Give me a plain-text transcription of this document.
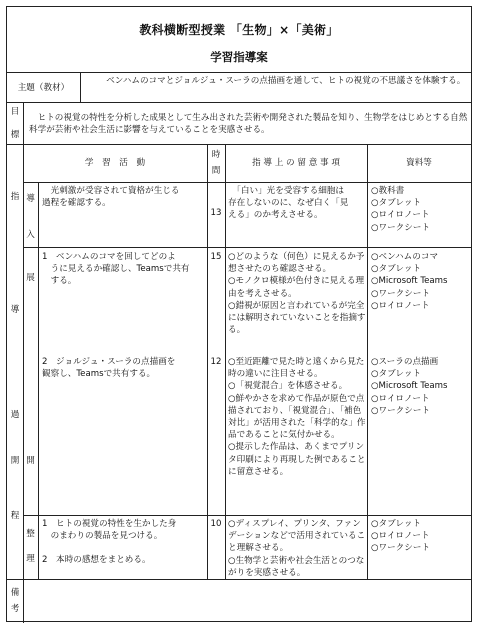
教科横断型授業 「生物」×「美術」
学習指導案
主題（教材）
ベンハムのコマとジョルジュ・スーラの点描画を通して、ヒトの視覚の不思議さを体験する。
目
標
ヒトの視覚の特性を分析した成果として生み出された芸術や開発された製品を知り、生物学をはじめとする自然科学が芸術や社会生活に影響を与えていることを実感させる。
学　習　活　動
時
間
指 導 上 の 留 意 事 項	資料等
指
導
過
開
程
導
入
展
開
整
理
　光刺激が受容されて資格が生じる
過程を確認する。
13
　「白い」光を受容する細胞は
存在しないのに、なぜ白く「見
える」のか考えさせる。
○教科書
○タブレット
○ロイロノート
○ワークシート
1　ベンハムのコマを回してどのよ
　うに見えるか確認し、Teamsで共有
　する。
15 ○どのような（何色）に見えるか予想させたのち確認させる。
○モノクロ模様が色付きに見える理由を考えさせる。
○錯視が原因と言われているが完全には解明されていないことを指摘する。
○ベンハムのコマ
○タブレット
○Microsoft Teams
○ワークシート
○ロイロノート
2　ジョルジュ・スーラの点描画を
観察し、Teamsで共有する。
12 ○至近距離で見た時と遠くから見た時の違いに注目させる。
○「視覚混合」を体感させる。
○鮮やかさを求めて作品が原色で点描されており、「視覚混合」、「補色対比」が活用された「科学的な」作品であることに気付かせる。
○提示した作品は、あくまでプリンタ印刷により再現した例であることに留意させる。
○スーラの点描画
○タブレット
○Microsoft Teams
○ロイロノート
○ワークシート
1　ヒトの視覚の特性を生かした身
　のまわりの製品を見つける。
2　本時の感想をまとめる。
10 ○ディスプレイ、プリンタ、ファンデーションなどで活用されていること理解させる。
○生物学と芸術や社会生活とのつながりを実感させる。
○タブレット
○ロイロノート
○ワークシート
備
考
